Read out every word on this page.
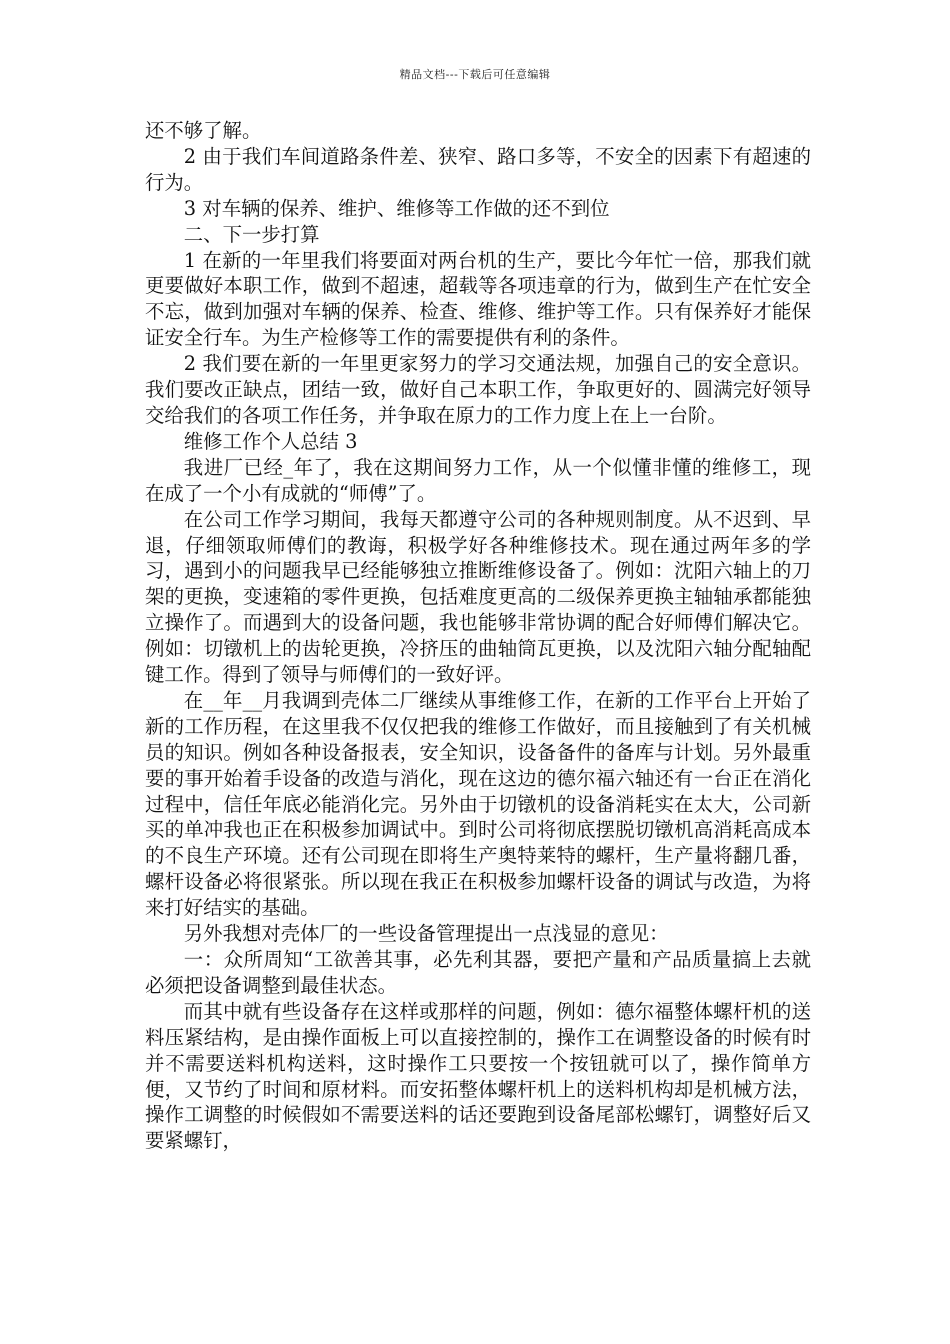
精品文档---下载后可任意编辑

还不够了解。

2 由于我们车间道路条件差、狭窄、路口多等，不安全的因素下有超速的行为。

3 对车辆的保养、维护、维修等工作做的还不到位

二、下一步打算

1 在新的一年里我们将要面对两台机的生产，要比今年忙一倍，那我们就更要做好本职工作，做到不超速，超载等各项违章的行为，做到生产在忙安全不忘，做到加强对车辆的保养、检查、维修、维护等工作。只有保养好才能保证安全行车。为生产检修等工作的需要提供有利的条件。

2 我们要在新的一年里更家努力的学习交通法规，加强自己的安全意识。我们要改正缺点，团结一致，做好自己本职工作，争取更好的、圆满完好领导交给我们的各项工作任务，并争取在原力的工作力度上在上一台阶。

维修工作个人总结 3

我进厂已经_年了，我在这期间努力工作，从一个似懂非懂的维修工，现在成了一个小有成就的“师傅”了。

在公司工作学习期间，我每天都遵守公司的各种规则制度。从不迟到、早退，仔细领取师傅们的教诲，积极学好各种维修技术。现在通过两年多的学习，遇到小的问题我早已经能够独立推断维修设备了。例如：沈阳六轴上的刀架的更换，变速箱的零件更换，包括难度更高的二级保养更换主轴轴承都能独立操作了。而遇到大的设备问题，我也能够非常协调的配合好师傅们解决它。例如：切镦机上的齿轮更换，冷挤压的曲轴筒瓦更换，以及沈阳六轴分配轴配键工作。得到了领导与师傅们的一致好评。

在__年__月我调到壳体二厂继续从事维修工作，在新的工作平台上开始了新的工作历程，在这里我不仅仅把我的维修工作做好，而且接触到了有关机械员的知识。例如各种设备报表，安全知识，设备备件的备库与计划。另外最重要的事开始着手设备的改造与消化，现在这边的德尔福六轴还有一台正在消化过程中，信任年底必能消化完。另外由于切镦机的设备消耗实在太大，公司新买的单冲我也正在积极参加调试中。到时公司将彻底摆脱切镦机高消耗高成本的不良生产环境。还有公司现在即将生产奥特莱特的螺杆，生产量将翻几番，螺杆设备必将很紧张。所以现在我正在积极参加螺杆设备的调试与改造，为将来打好结实的基础。

另外我想对壳体厂的一些设备管理提出一点浅显的意见：

一：众所周知“工欲善其事，必先利其器，要把产量和产品质量搞上去就必须把设备调整到最佳状态。

而其中就有些设备存在这样或那样的问题，例如：德尔福整体螺杆机的送料压紧结构，是由操作面板上可以直接控制的，操作工在调整设备的时候有时并不需要送料机构送料，这时操作工只要按一个按钮就可以了，操作简单方便，又节约了时间和原材料。而安拓整体螺杆机上的送料机构却是机械方法，操作工调整的时候假如不需要送料的话还要跑到设备尾部松螺钉，调整好后又要紧螺钉，
